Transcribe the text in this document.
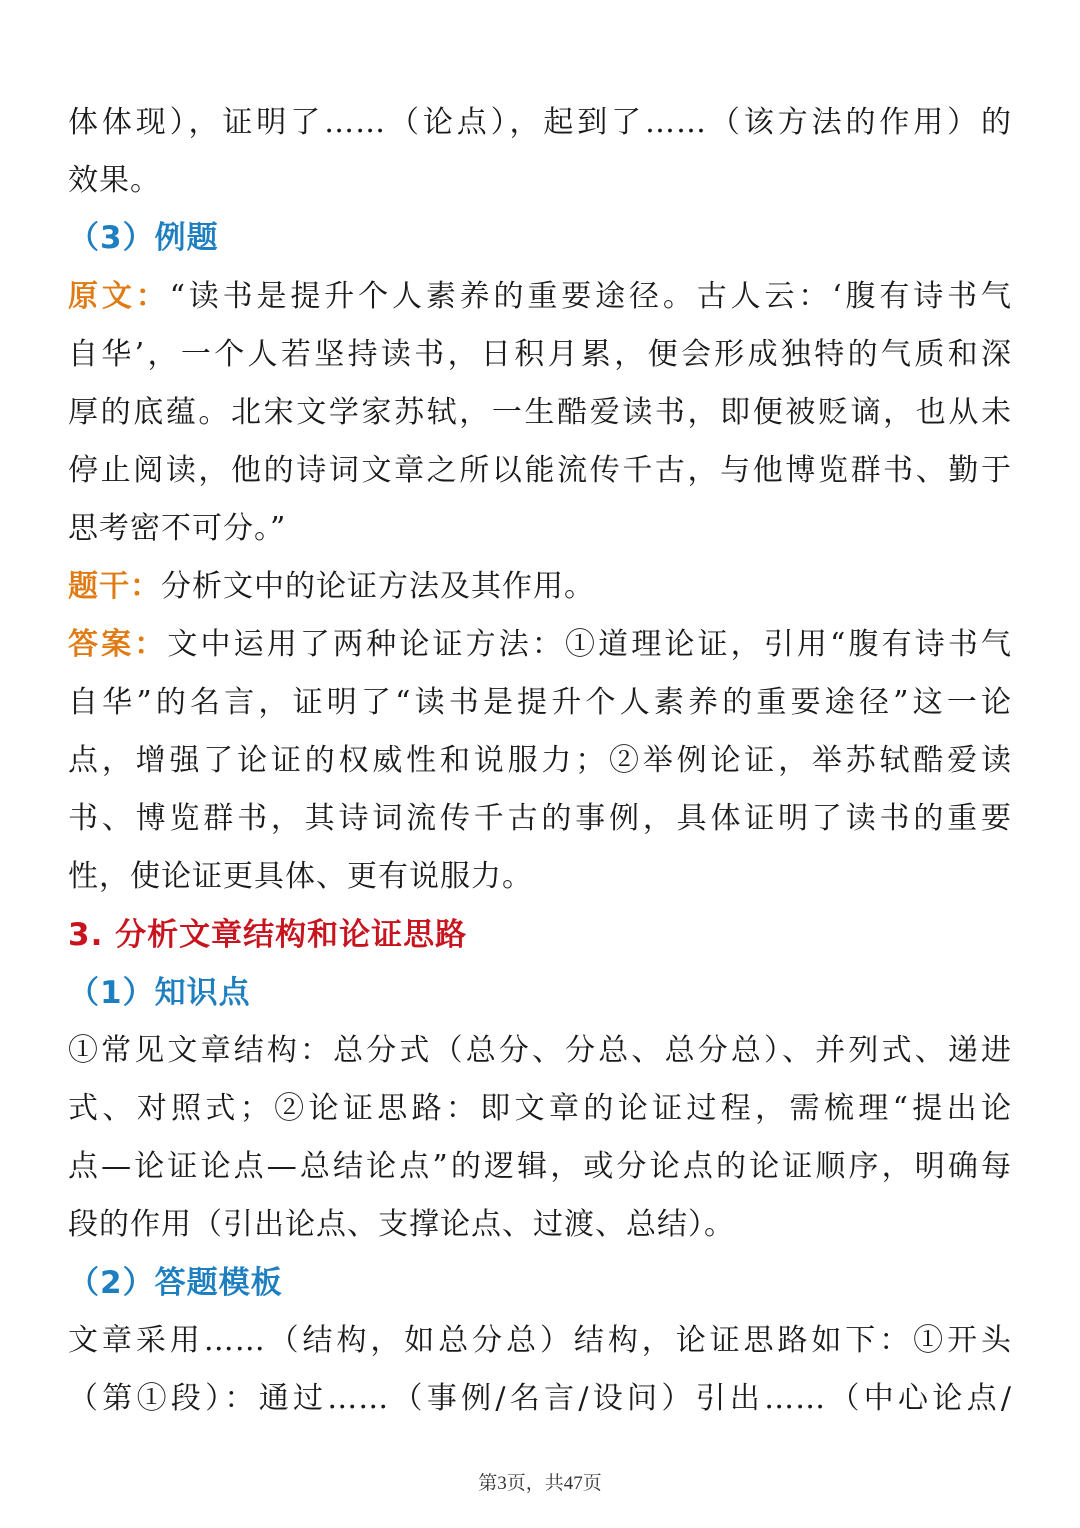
体体现），证明了……（论点），起到了……（该方法的作用）的
效果。
（3）例题
原文：“读书是提升个人素养的重要途径。古人云：‘腹有诗书气
自华’，一个人若坚持读书，日积月累，便会形成独特的气质和深
厚的底蕴。北宋文学家苏轼，一生酷爱读书，即便被贬谪，也从未
停止阅读，他的诗词文章之所以能流传千古，与他博览群书、勤于
思考密不可分。”
题干：分析文中的论证方法及其作用。
答案：文中运用了两种论证方法：①道理论证，引用“腹有诗书气
自华”的名言，证明了“读书是提升个人素养的重要途径”这一论
点，增强了论证的权威性和说服力；②举例论证，举苏轼酷爱读
书、博览群书，其诗词流传千古的事例，具体证明了读书的重要
性，使论证更具体、更有说服力。
3. 分析文章结构和论证思路
（1）知识点
①常见文章结构：总分式（总分、分总、总分总）、并列式、递进
式、对照式；②论证思路：即文章的论证过程，需梳理“提出论
点—论证论点—总结论点”的逻辑，或分论点的论证顺序，明确每
段的作用（引出论点、支撑论点、过渡、总结）。
（2）答题模板
文章采用……（结构，如总分总）结构，论证思路如下：①开头
（第①段）：通过……（事例/名言/设问）引出……（中心论点/
第3页，共47页
